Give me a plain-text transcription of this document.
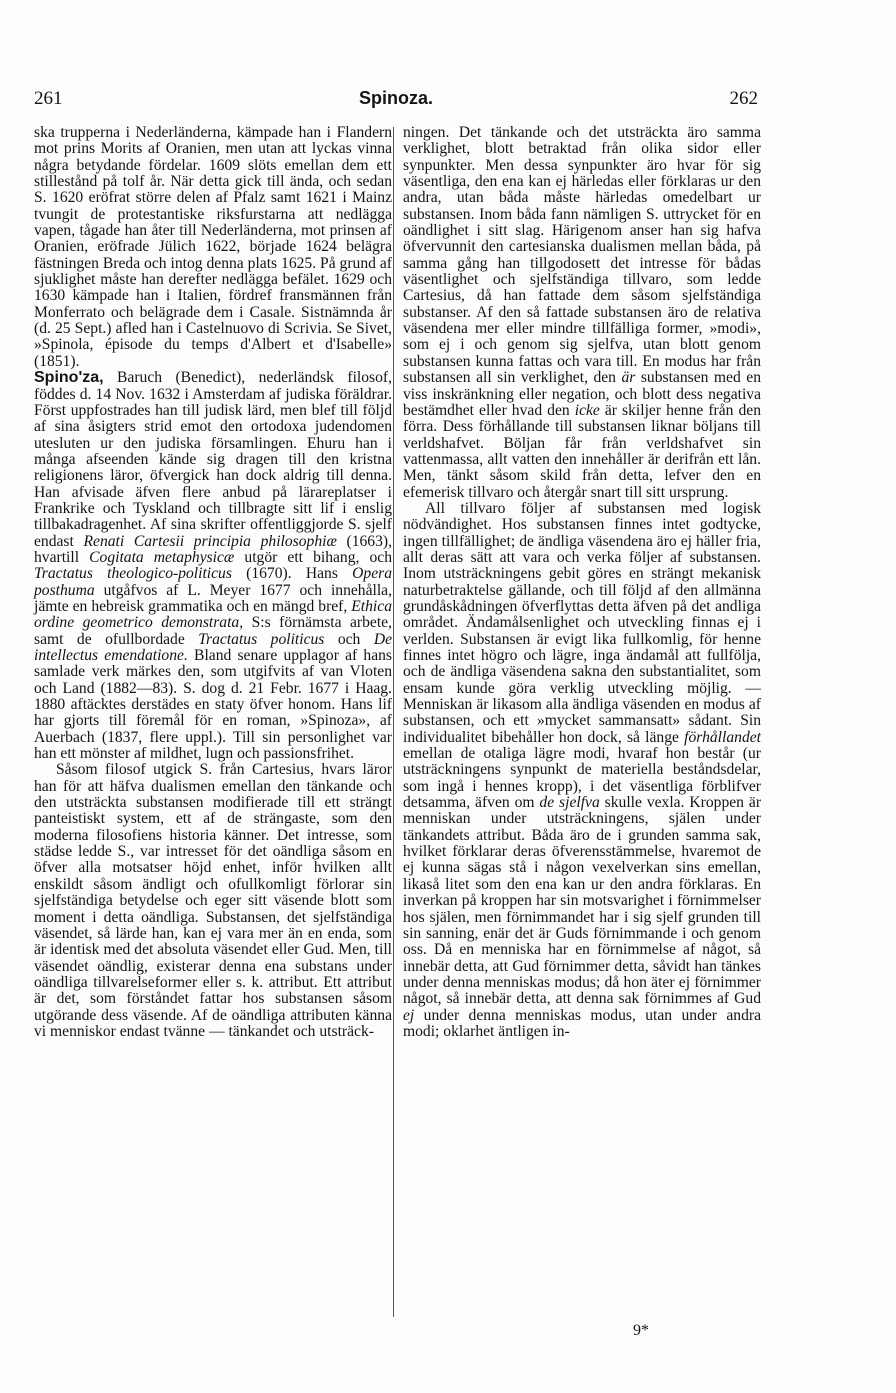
261	Spinoza.	262

ska trupperna i Nederländerna, kämpade han i Flandern mot prins Morits af Oranien, men utan att lyckas vinna några betydande fördelar. 1609 slöts emellan dem ett stillestånd på tolf år. När detta gick till ända, och sedan S. 1620 eröfrat större delen af Pfalz samt 1621 i Mainz tvungit de protestantiske riksfurstarna att nedlägga vapen, tågade han åter till Nederländerna, mot prinsen af Oranien, eröfrade Jülich 1622, började 1624 belägra fästningen Breda och intog denna plats 1625. På grund af sjuklighet måste han derefter nedlägga befälet. 1629 och 1630 kämpade han i Italien, fördref fransmännen från Monferrato och belägrade dem i Casale. Sistnämnda år (d. 25 Sept.) afled han i Castelnuovo di Scrivia. Se Sivet, »Spinola, épisode du temps d'Albert et d'Isabelle» (1851).

Spino'za, Baruch (Benedict), nederländsk filosof, föddes d. 14 Nov. 1632 i Amsterdam af judiska föräldrar. Först uppfostrades han till judisk lärd, men blef till följd af sina åsigters strid emot den ortodoxa judendomen utesluten ur den judiska församlingen. Ehuru han i många afseenden kände sig dragen till den kristna religionens läror, öfvergick han dock aldrig till denna. Han afvisade äfven flere anbud på lärareplatser i Frankrike och Tyskland och tillbragte sitt lif i enslig tillbakadragenhet. Af sina skrifter offentliggjorde S. sjelf endast Renati Cartesii principia philosophiæ (1663), hvartill Cogitata metaphysicæ utgör ett bihang, och Tractatus theologico-politicus (1670). Hans Opera posthuma utgåfvos af L. Meyer 1677 och innehålla, jämte en hebreisk grammatika och en mängd bref, Ethica ordine geometrico demonstrata, S:s förnämsta arbete, samt de ofullbordade Tractatus politicus och De intellectus emendatione. Bland senare upplagor af hans samlade verk märkes den, som utgifvits af van Vloten och Land (1882—83). S. dog d. 21 Febr. 1677 i Haag. 1880 aftäcktes derstädes en staty öfver honom. Hans lif har gjorts till föremål för en roman, »Spinoza», af Auerbach (1837, flere uppl.). Till sin personlighet var han ett mönster af mildhet, lugn och passionsfrihet.

Såsom filosof utgick S. från Cartesius, hvars läror han för att häfva dualismen emellan den tänkande och den utsträckta substansen modifierade till ett strängt panteistiskt system, ett af de strängaste, som den moderna filosofiens historia känner. Det intresse, som städse ledde S., var intresset för det oändliga såsom en öfver alla motsatser höjd enhet, inför hvilken allt enskildt såsom ändligt och ofullkomligt förlorar sin sjelfständiga betydelse och eger sitt väsende blott som moment i detta oändliga. Substansen, det sjelfständiga väsendet, så lärde han, kan ej vara mer än en enda, som är identisk med det absoluta väsendet eller Gud. Men, till väsendet oändlig, existerar denna ena substans under oändliga tillvarelseformer eller s. k. attribut. Ett attribut är det, som förståndet fattar hos substansen såsom utgörande dess väsende. Af de oändliga attributen känna vi menniskor endast tvänne — tänkandet och utsträck-

ningen. Det tänkande och det utsträckta äro samma verklighet, blott betraktad från olika sidor eller synpunkter. Men dessa synpunkter äro hvar för sig väsentliga, den ena kan ej härledas eller förklaras ur den andra, utan båda måste härledas omedelbart ur substansen. Inom båda fann nämligen S. uttrycket för en oändlighet i sitt slag. Härigenom anser han sig hafva öfvervunnit den cartesianska dualismen mellan båda, på samma gång han tillgodosett det intresse för bådas väsentlighet och sjelfständiga tillvaro, som ledde Cartesius, då han fattade dem såsom sjelfständiga substanser. Af den så fattade substansen äro de relativa väsendena mer eller mindre tillfälliga former, »modi», som ej i och genom sig sjelfva, utan blott genom substansen kunna fattas och vara till. En modus har från substansen all sin verklighet, den är substansen med en viss inskränkning eller negation, och blott dess negativa bestämdhet eller hvad den icke är skiljer henne från den förra. Dess förhållande till substansen liknar böljans till verldshafvet. Böljan får från verldshafvet sin vattenmassa, allt vatten den innehåller är derifrån ett lån. Men, tänkt såsom skild från detta, lefver den en efemerisk tillvaro och återgår snart till sitt ursprung.

All tillvaro följer af substansen med logisk nödvändighet. Hos substansen finnes intet godtycke, ingen tillfällighet; de ändliga väsendena äro ej häller fria, allt deras sätt att vara och verka följer af substansen. Inom utsträckningens gebit göres en strängt mekanisk naturbetraktelse gällande, och till följd af den allmänna grundåskådningen öfverflyttas detta äfven på det andliga området. Ändamålsenlighet och utveckling finnas ej i verlden. Substansen är evigt lika fullkomlig, för henne finnes intet högro och lägre, inga ändamål att fullfölja, och de ändliga väsendena sakna den substantialitet, som ensam kunde göra verklig utveckling möjlig. — Menniskan är likasom alla ändliga väsenden en modus af substansen, och ett »mycket sammansatt» sådant. Sin individualitet bibehåller hon dock, så länge förhållandet emellan de otaliga lägre modi, hvaraf hon består (ur utsträckningens synpunkt de materiella beståndsdelar, som ingå i hennes kropp), i det väsentliga förblifver detsamma, äfven om de sjelfva skulle vexla. Kroppen är menniskan under utsträckningens, själen under tänkandets attribut. Båda äro de i grunden samma sak, hvilket förklarar deras öfverensstämmelse, hvaremot de ej kunna sägas stå i någon vexelverkan sins emellan, likaså litet som den ena kan ur den andra förklaras. En inverkan på kroppen har sin motsvarighet i förnimmelser hos själen, men förnimmandet har i sig sjelf grunden till sin sanning, enär det är Guds förnimmande i och genom oss. Då en menniska har en förnimmelse af något, så innebär detta, att Gud förnimmer detta, såvidt han tänkes under denna menniskas modus; då hon äter ej förnimmer något, så innebär detta, att denna sak förnimmes af Gud ej under denna menniskas modus, utan under andra modi; oklarhet äntligen in-

9*
